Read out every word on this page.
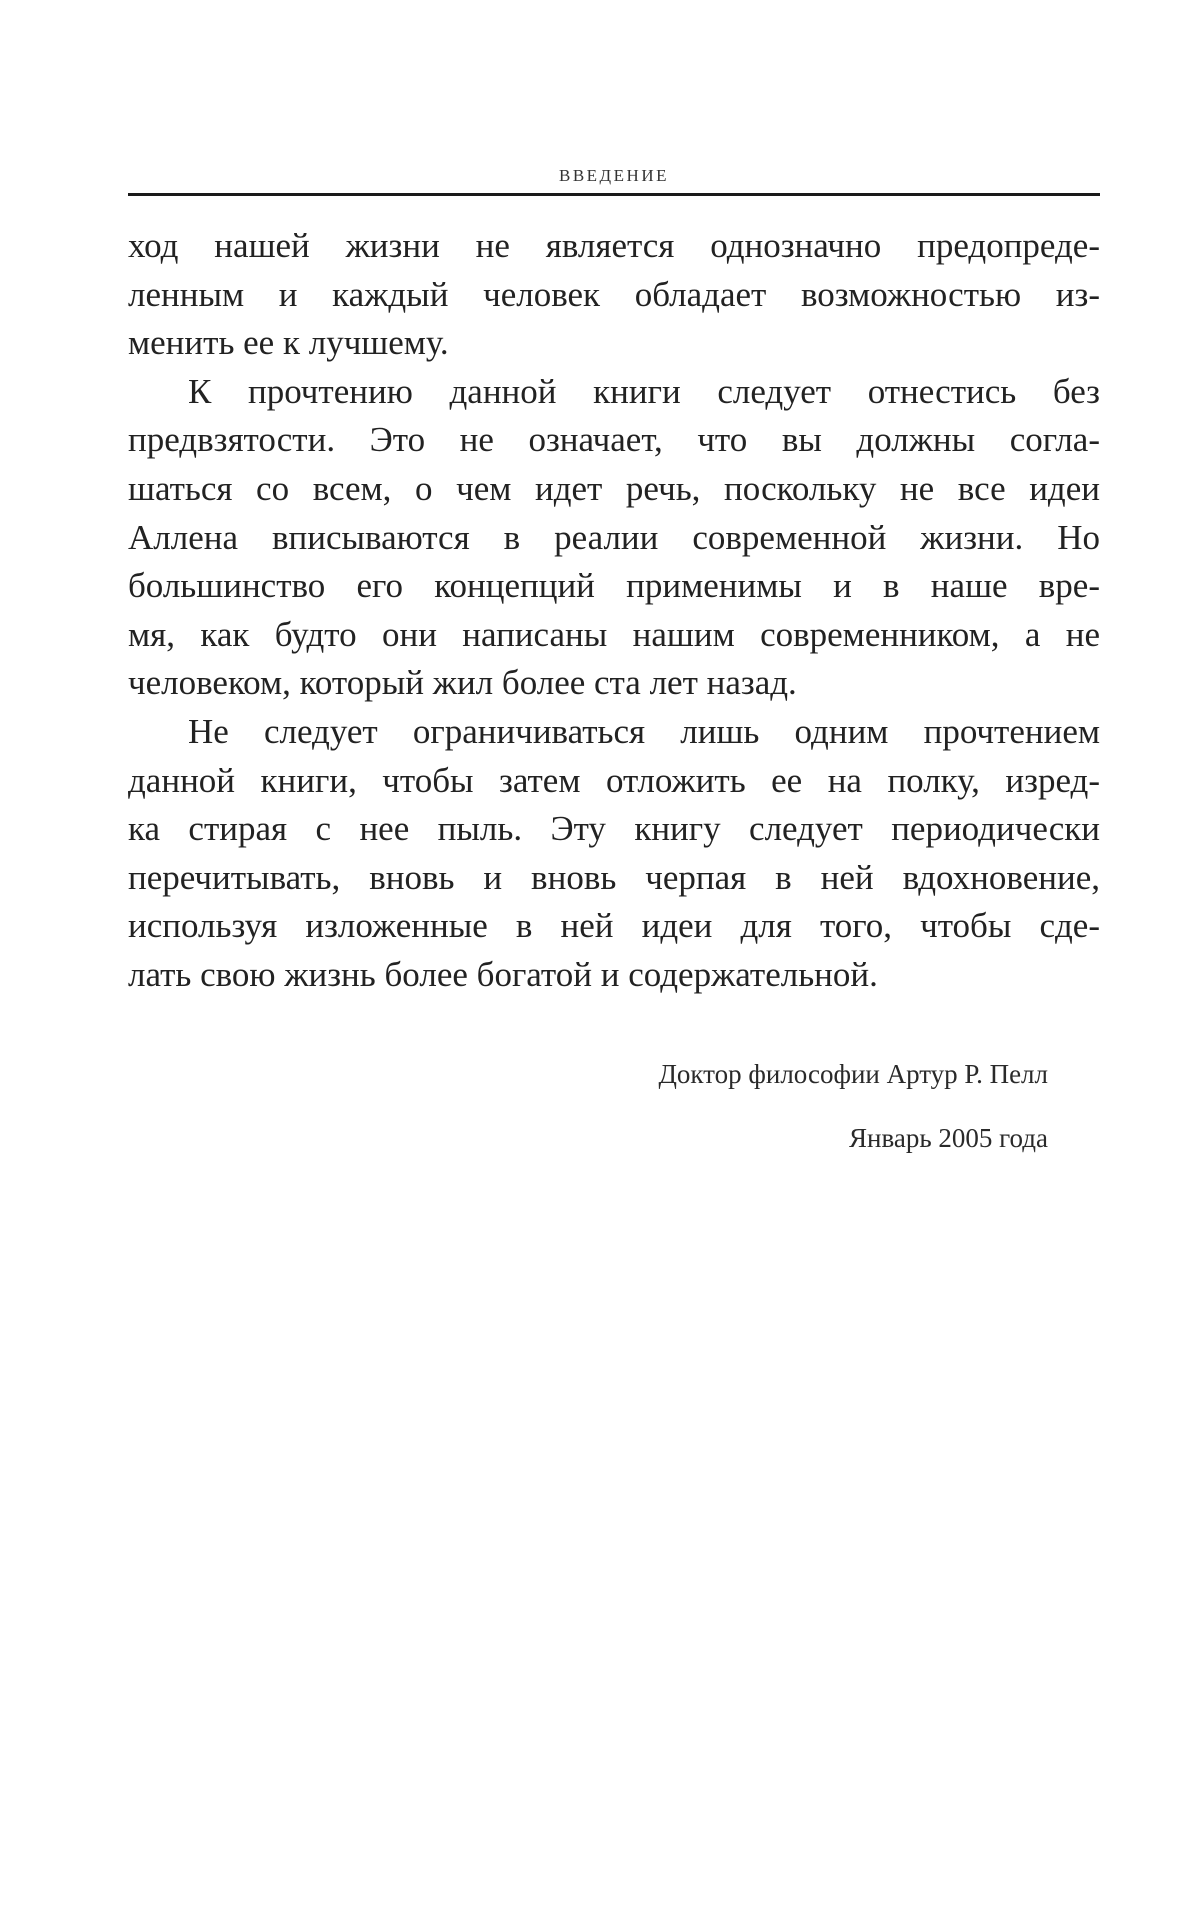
ВВЕДЕНИЕ
ход нашей жизни не является однозначно предопреде-
ленным и каждый человек обладает возможностью из-
менить ее к лучшему.
К прочтению данной книги следует отнестись без
предвзятости. Это не означает, что вы должны согла-
шаться со всем, о чем идет речь, поскольку не все идеи
Аллена вписываются в реалии современной жизни. Но
большинство его концепций применимы и в наше вре-
мя, как будто они написаны нашим современником, а не
человеком, который жил более ста лет назад.
Не следует ограничиваться лишь одним прочтением
данной книги, чтобы затем отложить ее на полку, изред-
ка стирая с нее пыль. Эту книгу следует периодически
перечитывать, вновь и вновь черпая в ней вдохновение,
используя изложенные в ней идеи для того, чтобы сде-
лать свою жизнь более богатой и содержательной.
Доктор философии Артур Р. Пелл
Январь 2005 года
